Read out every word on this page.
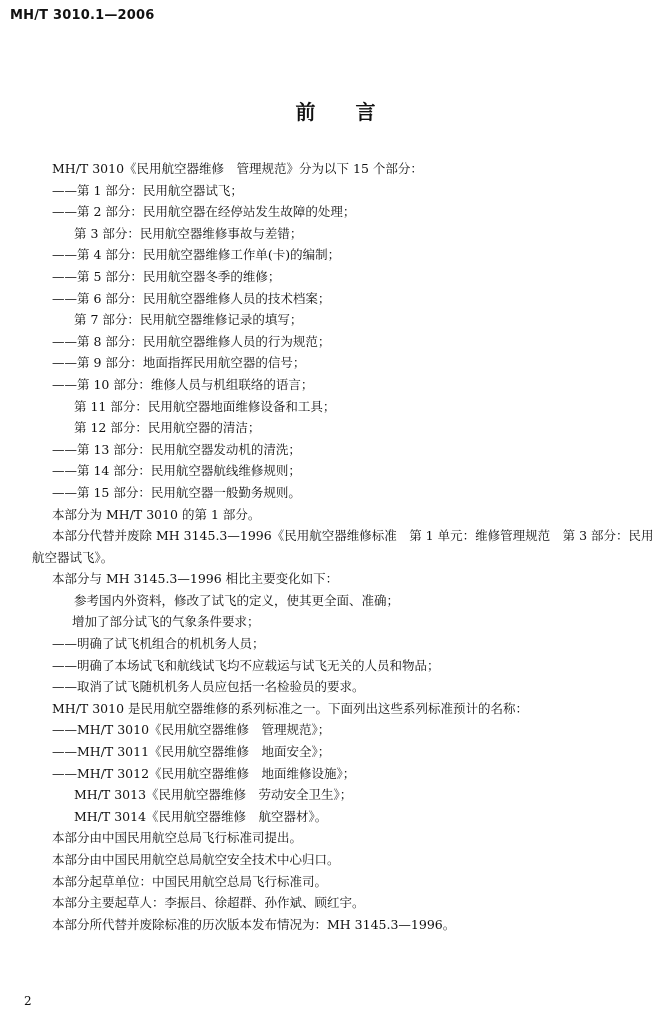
MH/T 3010.1—2006
前言
MH/T 3010《民用航空器维修　管理规范》分为以下 15 个部分：
——第 1 部分：民用航空器试飞；
——第 2 部分：民用航空器在经停站发生故障的处理；
第 3 部分：民用航空器维修事故与差错；
——第 4 部分：民用航空器维修工作单(卡)的编制；
——第 5 部分：民用航空器冬季的维修；
——第 6 部分：民用航空器维修人员的技术档案；
第 7 部分：民用航空器维修记录的填写；
——第 8 部分：民用航空器维修人员的行为规范；
——第 9 部分：地面指挥民用航空器的信号；
——第 10 部分：维修人员与机组联络的语言；
第 11 部分：民用航空器地面维修设备和工具；
第 12 部分：民用航空器的清洁；
——第 13 部分：民用航空器发动机的清洗；
——第 14 部分：民用航空器航线维修规则；
——第 15 部分：民用航空器一般勤务规则。
本部分为 MH/T 3010 的第 1 部分。
本部分代替并废除 MH 3145.3—1996《民用航空器维修标准　第 1 单元：维修管理规范　第 3 部分：民用
航空器试飞》。
本部分与 MH 3145.3—1996 相比主要变化如下：
参考国内外资料，修改了试飞的定义，使其更全面、准确；
增加了部分试飞的气象条件要求；
——明确了试飞机组合的机机务人员；
——明确了本场试飞和航线试飞均不应载运与试飞无关的人员和物品；
——取消了试飞随机机务人员应包括一名检验员的要求。
MH/T 3010 是民用航空器维修的系列标准之一。下面列出这些系列标准预计的名称：
——MH/T 3010《民用航空器维修　管理规范》；
——MH/T 3011《民用航空器维修　地面安全》；
——MH/T 3012《民用航空器维修　地面维修设施》；
MH/T 3013《民用航空器维修　劳动安全卫生》；
MH/T 3014《民用航空器维修　航空器材》。
本部分由中国民用航空总局飞行标准司提出。
本部分由中国民用航空总局航空安全技术中心归口。
本部分起草单位：中国民用航空总局飞行标准司。
本部分主要起草人：李振吕、徐超群、孙作斌、顾红宇。
本部分所代替并废除标准的历次版本发布情况为：MH 3145.3—1996。
2
